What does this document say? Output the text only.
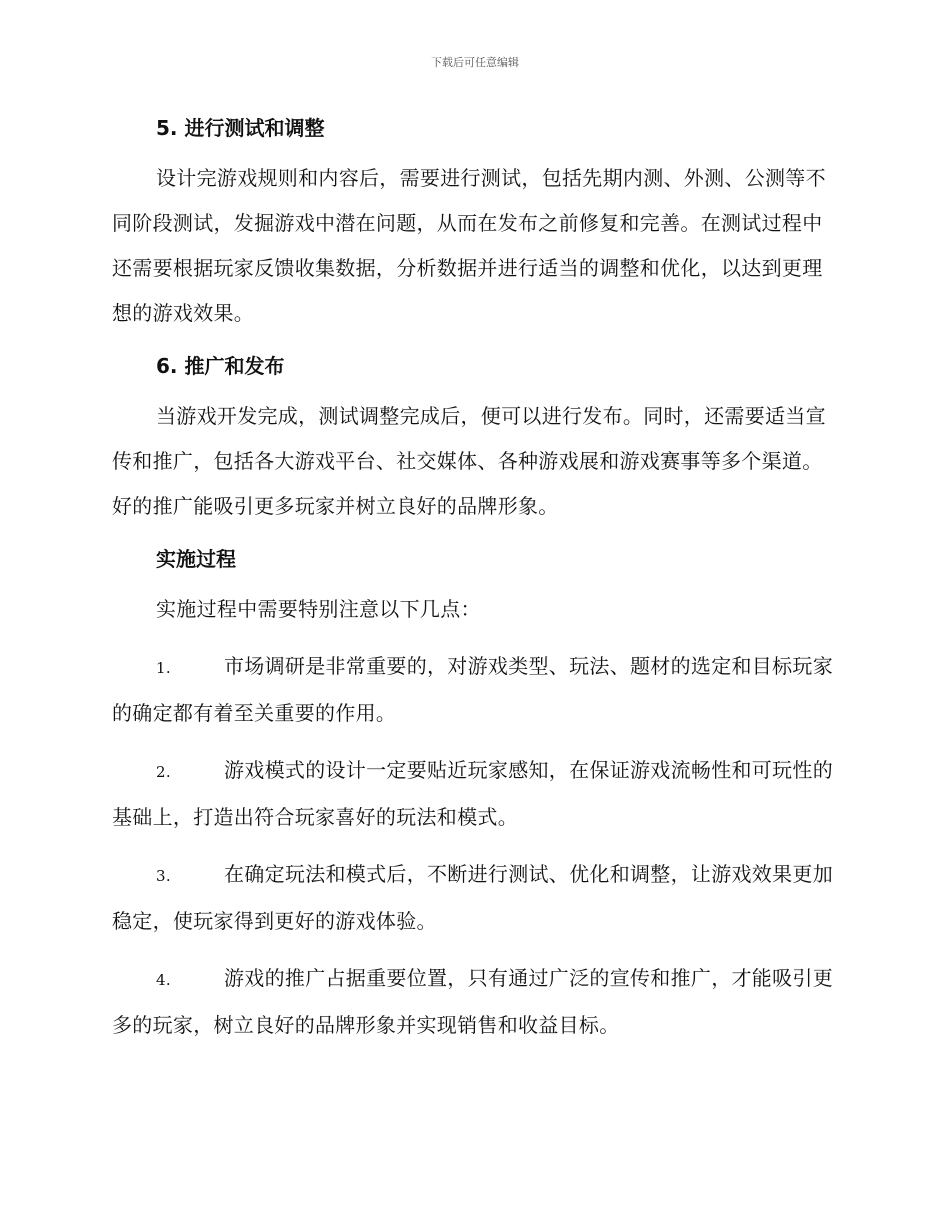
下载后可任意编辑
5. 进行测试和调整

设计完游戏规则和内容后，需要进行测试，包括先期内测、外测、公测等不同阶段测试，发掘游戏中潜在问题，从而在发布之前修复和完善。在测试过程中还需要根据玩家反馈收集数据，分析数据并进行适当的调整和优化，以达到更理想的游戏效果。

6. 推广和发布

当游戏开发完成，测试调整完成后，便可以进行发布。同时，还需要适当宣传和推广，包括各大游戏平台、社交媒体、各种游戏展和游戏赛事等多个渠道。好的推广能吸引更多玩家并树立良好的品牌形象。

实施过程

实施过程中需要特别注意以下几点：

1.	市场调研是非常重要的，对游戏类型、玩法、题材的选定和目标玩家的确定都有着至关重要的作用。

2.	游戏模式的设计一定要贴近玩家感知，在保证游戏流畅性和可玩性的基础上，打造出符合玩家喜好的玩法和模式。

3.	在确定玩法和模式后，不断进行测试、优化和调整，让游戏效果更加稳定，使玩家得到更好的游戏体验。

4.	游戏的推广占据重要位置，只有通过广泛的宣传和推广，才能吸引更多的玩家，树立良好的品牌形象并实现销售和收益目标。
